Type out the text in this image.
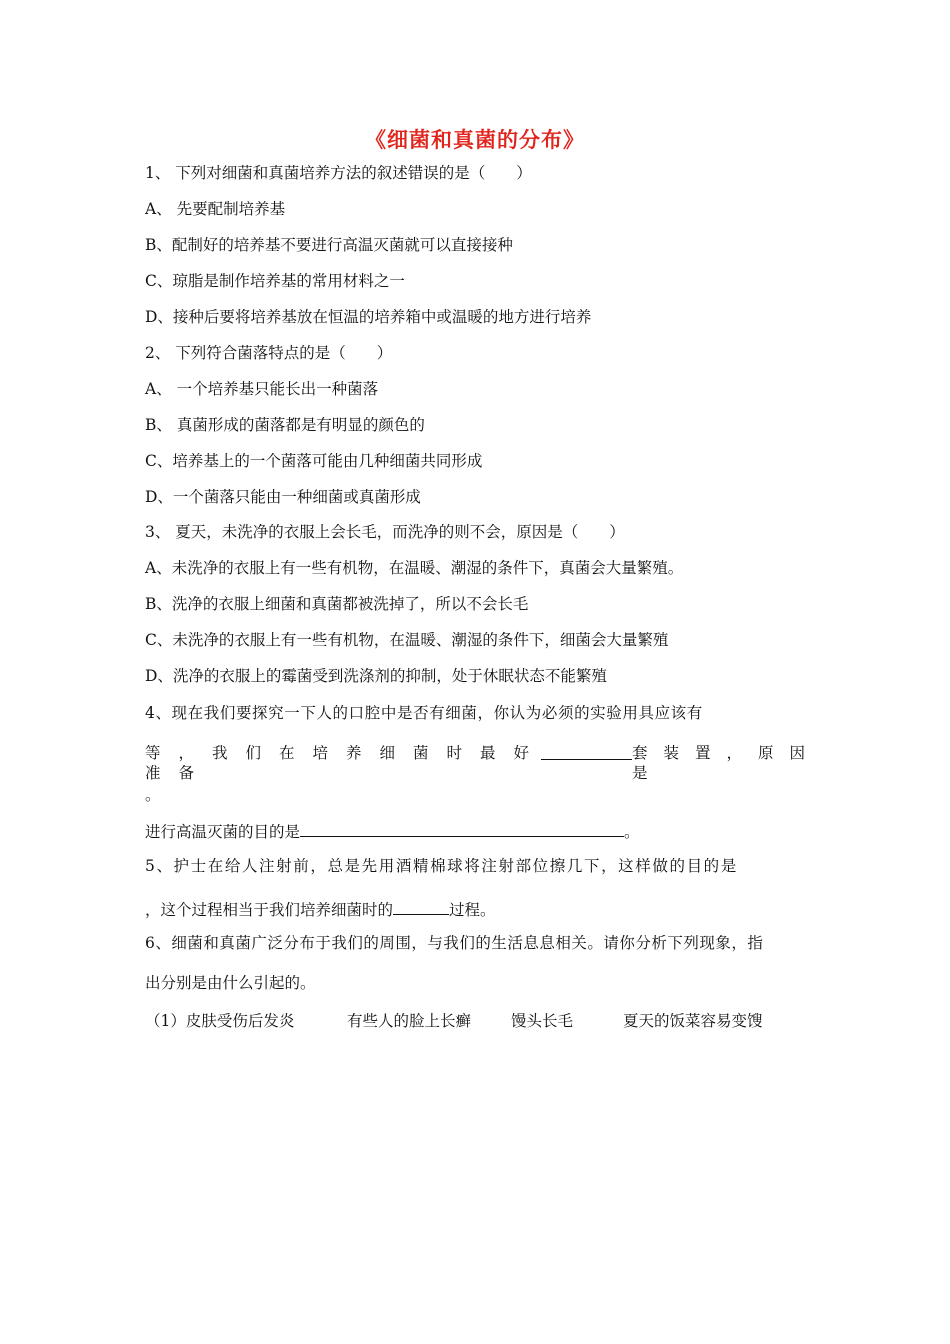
《细菌和真菌的分布》
1、 下列对细菌和真菌培养方法的叙述错误的是（　　）
A、 先要配制培养基
B、配制好的培养基不要进行高温灭菌就可以直接接种
C、琼脂是制作培养基的常用材料之一
D、接种后要将培养基放在恒温的培养箱中或温暖的地方进行培养
2、 下列符合菌落特点的是（　　）
A、 一个培养基只能长出一种菌落
B、 真菌形成的菌落都是有明显的颜色的
C、培养基上的一个菌落可能由几种细菌共同形成
D、一个菌落只能由一种细菌或真菌形成
3、 夏天，未洗净的衣服上会长毛，而洗净的则不会，原因是（　　）
A、未洗净的衣服上有一些有机物，在温暖、潮湿的条件下，真菌会大量繁殖。
B、洗净的衣服上细菌和真菌都被洗掉了，所以不会长毛
C、未洗净的衣服上有一些有机物，在温暖、潮湿的条件下，细菌会大量繁殖
D、洗净的衣服上的霉菌受到洗涤剂的抑制，处于休眠状态不能繁殖
4、现在我们要探究一下人的口腔中是否有细菌，你认为必须的实验用具应该有
等，我们在培养细菌时最好准备
套装置，原因是
。
进行高温灭菌的目的是	。
5、护士在给人注射前，总是先用酒精棉球将注射部位擦几下，这样做的目的是
，这个过程相当于我们培养细菌时的	过程。
6、细菌和真菌广泛分布于我们的周围，与我们的生活息息相关。请你分析下列现象，指
出分别是由什么引起的。
（1）皮肤受伤后发炎	有些人的脸上长癣	馒头长毛	夏天的饭菜容易变馊
